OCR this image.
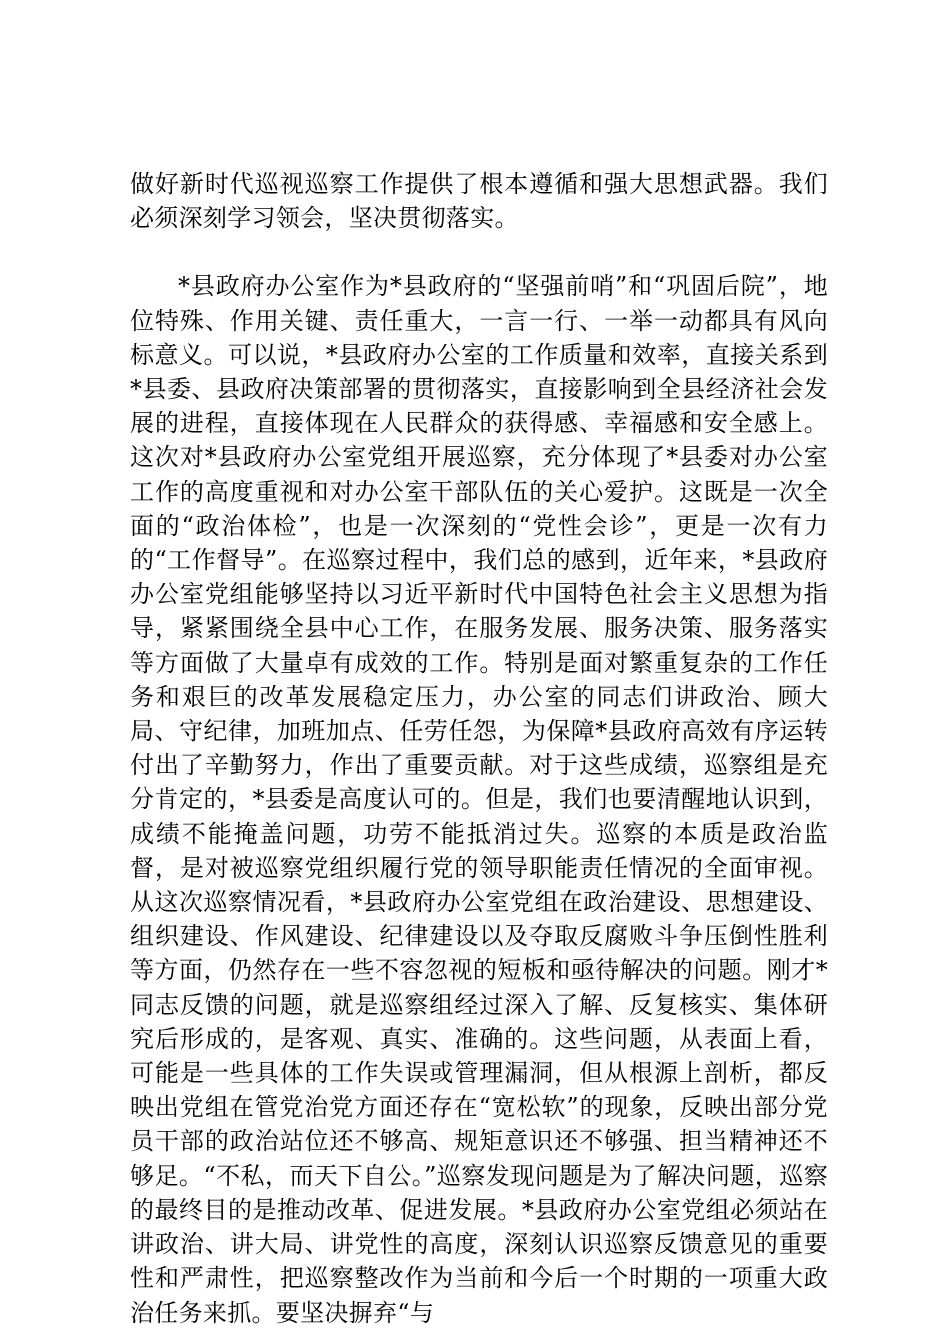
做好新时代巡视巡察工作提供了根本遵循和强大思想武器。我们必须深刻学习领会，坚决贯彻落实。

*县政府办公室作为*县政府的“坚强前哨”和“巩固后院”，地位特殊、作用关键、责任重大，一言一行、一举一动都具有风向标意义。可以说，*县政府办公室的工作质量和效率，直接关系到*县委、县政府决策部署的贯彻落实，直接影响到全县经济社会发展的进程，直接体现在人民群众的获得感、幸福感和安全感上。这次对*县政府办公室党组开展巡察，充分体现了*县委对办公室工作的高度重视和对办公室干部队伍的关心爱护。这既是一次全面的“政治体检”，也是一次深刻的“党性会诊”，更是一次有力的“工作督导”。在巡察过程中，我们总的感到，近年来，*县政府办公室党组能够坚持以习近平新时代中国特色社会主义思想为指导，紧紧围绕全县中心工作，在服务发展、服务决策、服务落实等方面做了大量卓有成效的工作。特别是面对繁重复杂的工作任务和艰巨的改革发展稳定压力，办公室的同志们讲政治、顾大局、守纪律，加班加点、任劳任怨，为保障*县政府高效有序运转付出了辛勤努力，作出了重要贡献。对于这些成绩，巡察组是充分肯定的，*县委是高度认可的。但是，我们也要清醒地认识到，成绩不能掩盖问题，功劳不能抵消过失。巡察的本质是政治监督，是对被巡察党组织履行党的领导职能责任情况的全面审视。从这次巡察情况看，*县政府办公室党组在政治建设、思想建设、组织建设、作风建设、纪律建设以及夺取反腐败斗争压倒性胜利等方面，仍然存在一些不容忽视的短板和亟待解决的问题。刚才*同志反馈的问题，就是巡察组经过深入了解、反复核实、集体研究后形成的，是客观、真实、准确的。这些问题，从表面上看，可能是一些具体的工作失误或管理漏洞，但从根源上剖析，都反映出党组在管党治党方面还存在“宽松软”的现象，反映出部分党员干部的政治站位还不够高、规矩意识还不够强、担当精神还不够足。“不私，而天下自公。”巡察发现问题是为了解决问题，巡察的最终目的是推动改革、促进发展。*县政府办公室党组必须站在讲政治、讲大局、讲党性的高度，深刻认识巡察反馈意见的重要性和严肃性，把巡察整改作为当前和今后一个时期的一项重大政治任务来抓。要坚决摒弃“与
